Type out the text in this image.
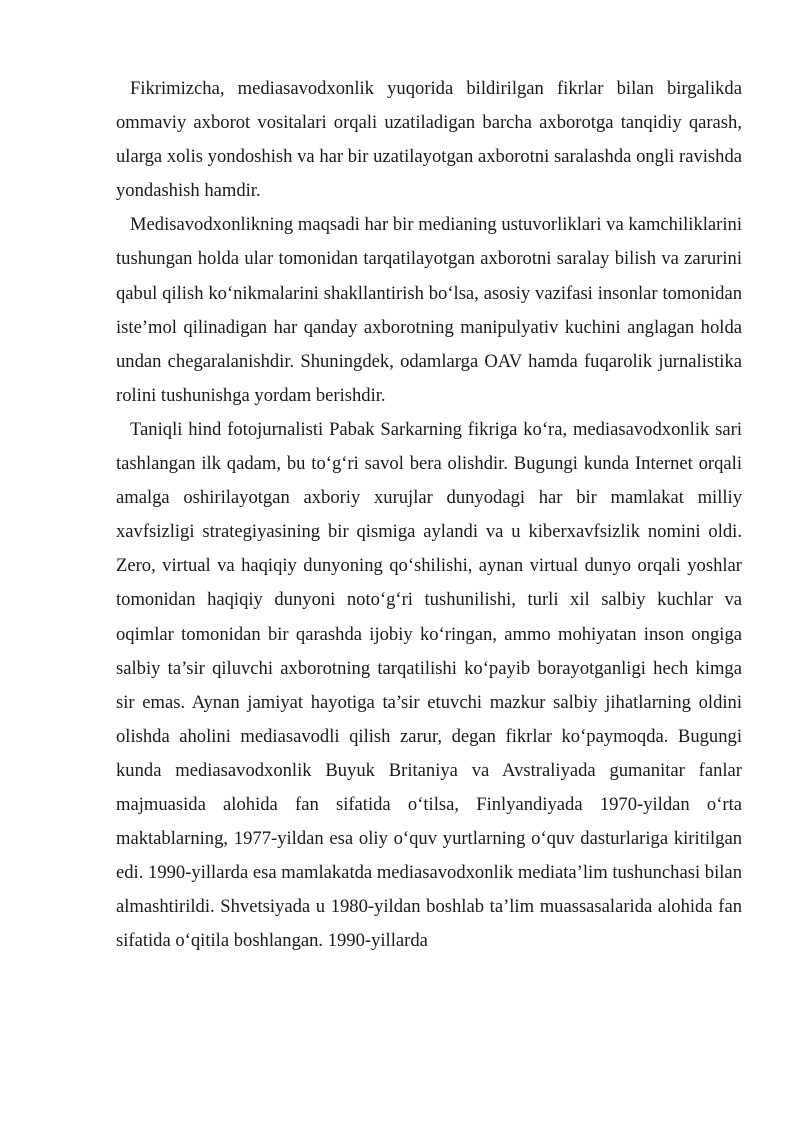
Fikrimizcha, mediasavodxonlik yuqorida bildirilgan fikrlar bilan birgalikda ommaviy axborot vositalari orqali uzatiladigan barcha axborotga tanqidiy qarash, ularga xolis yondoshish va har bir uzatilayotgan axborotni saralashda ongli ravishda yondashish hamdir.

Medisavodxonlikning maqsadi har bir medianing ustuvorliklari va kamchiliklarini tushungan holda ular tomonidan tarqatilayotgan axborotni saralay bilish va zarurini qabul qilish ko‘nikmalarini shakllantirish bo‘lsa, asosiy vazifasi insonlar tomonidan iste’mol qilinadigan har qanday axborotning manipulyativ kuchini anglagan holda undan chegaralanishdir. Shuningdek, odamlarga OAV hamda fuqarolik jurnalistika rolini tushunishga yordam berishdir.

Taniqli hind fotojurnalisti Pabak Sarkarning fikriga ko‘ra, mediasavodxonlik sari tashlangan ilk qadam, bu to‘g‘ri savol bera olishdir. Bugungi kunda Internet orqali amalga oshirilayotgan axboriy xurujlar dunyodagi har bir mamlakat milliy xavfsizligi strategiyasining bir qismiga aylandi va u kiberxavfsizlik nomini oldi. Zero, virtual va haqiqiy dunyoning qo‘shilishi, aynan virtual dunyo orqali yoshlar tomonidan haqiqiy dunyoni noto‘g‘ri tushunilishi, turli xil salbiy kuchlar va oqimlar tomonidan bir qarashda ijobiy ko‘ringan, ammo mohiyatan inson ongiga salbiy ta’sir qiluvchi axborotning tarqatilishi ko‘payib borayotganligi hech kimga sir emas. Aynan jamiyat hayotiga ta’sir etuvchi mazkur salbiy jihatlarning oldini olishda aholini mediasavodli qilish zarur, degan fikrlar ko‘paymoqda. Bugungi kunda mediasavodxonlik Buyuk Britaniya va Avstraliyada gumanitar fanlar majmuasida alohida fan sifatida o‘tilsa, Finlyandiyada 1970-yildan o‘rta maktablarning, 1977-yildan esa oliy o‘quv yurtlarning o‘quv dasturlariga kiritilgan edi. 1990-yillarda esa mamlakatda mediasavodxonlik mediata’lim tushunchasi bilan almashtirildi. Shvetsiyada u 1980-yildan boshlab ta’lim muassasalarida alohida fan sifatida o‘qitila boshlangan. 1990-yillarda
